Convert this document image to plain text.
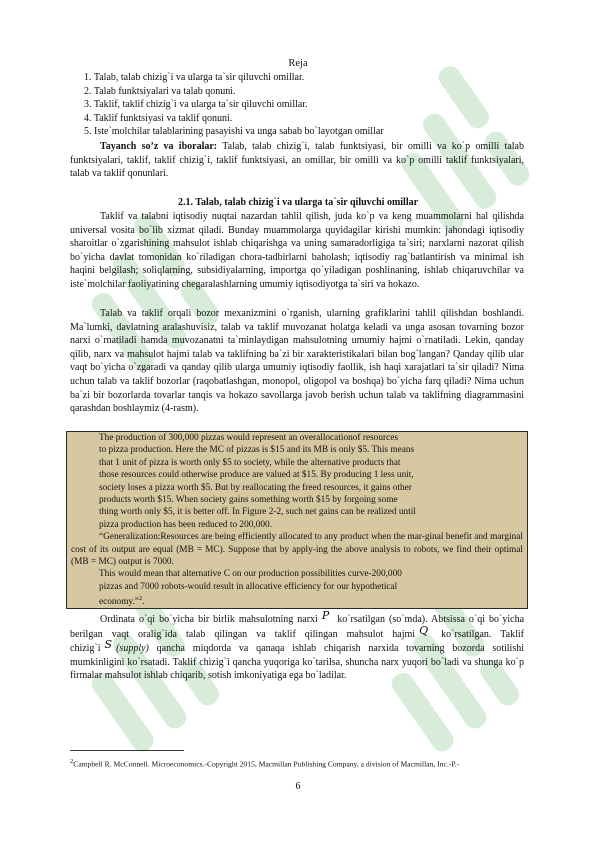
Reja
1. Talab, talab chizig`i va ularga ta`sir qiluvchi omillar.
2. Talab funktsiyalari va talab qonuni.
3. Taklif, taklif chizig`i va ularga ta`sir qiluvchi omillar.
4. Taklif funktsiyasi va taklif qonuni.
5. Iste`molchilar talablarining pasayishi va unga sabab bo`layotgan omillar

Tayanch so’z va iboralar: Talab, talab chizig`i, talab funktsiyasi, bir omilli va ko`p omilli talab funktsiyalari, taklif, taklif chizig`i, taklif funktsiyasi, an omillar, bir omilli va ko`p omilli taklif funktsiyalari, talab va taklif qonunlari.

2.1. Talab, talab chizig`i va ularga ta`sir qiluvchi omillar

Taklif va talabni iqtisodiy nuqtai nazardan tahlil qilish, juda ko`p va keng muammolarni hal qilishda universal vosita bo`lib xizmat qiladi. Bunday muammolarga quyidagilar kirishi mumkin: jahondagi iqtisodiy sharoitlar o`zgarishining mahsulot ishlab chiqarishga va uning samaradorligiga ta`siri; narxlarni nazorat qilish bo`yicha davlat tomonidan ko`riladigan chora-tadbirlarni baholash; iqtisodiy rag`batlantirish va minimal ish haqini belgilash; soliqlarning, subsidiyalarning, importga qo`yiladigan poshlinaning, ishlab chiqaruvchilar va iste`molchilar faoliyatining chegaralashlarning umumiy iqtisodiyotga ta`siri va hokazo.

Talab va taklif orqali bozor mexanizmini o`rganish, ularning grafiklarini tahlil qilishdan boshlandi. Ma`lumki, davlatning aralashuvisiz, talab va taklif muvozanat holatga keladi va unga asosan tovarning bozor narxi o`rnatiladi hamda muvozanatni ta`minlaydigan mahsulotning umumiy hajmi o`rnatiladi. Lekin, qanday qilib, narx va mahsulot hajmi talab va taklifning ba`zi bir xarakteristikalari bilan bog`langan? Qanday qilib ular vaqt bo`yicha o`zgaradi va qanday qilib ularga umumiy iqtisodiy faollik, ish haqi xarajatlari ta`sir qiladi? Nima uchun talab va taklif bozorlar (raqobatlashgan, monopol, oligopol va boshqa) bo`yicha farq qiladi? Nima uchun ba`zi bir bozorlarda tovarlar tanqis va hokazo savollarga javob berish uchun talab va taklifning diagrammasini qarashdan boshlaymiz (4-rasm).

The production of 300,000 pizzas would represent an overallocationof resources
to pizza production. Here the MC of pizzas is $15 and its MB is only $5. This means
that 1 unit of pizza is worth only $5 to society, while the alternative products that
those resources could otherwise produce are valued at $15. By producing 1 less unit,
society loses a pizza worth $5. But by reallocating the freed resources, it gains other
products worth $15. When society gains something worth $15 by forgoing some
thing worth only $5, it is better off. In Figure 2-2, such net gains can be realized until
pizza production has been reduced to 200,000.
“Generalization:Resources are being efficiently allocated to any product when the mar-ginal benefit and marginal cost of its output are equal (MB = MC). Suppose that by apply-ing the above analysis to robots, we find their optimal (MB = MC) output is 7000.
This would mean that alternative C on our production possibilities curve-200,000
pizzas and 7000 robots-would result in allocative efficiency for our hypothetical
economy.”$^2$.

Ordinata o`qi bo`yicha bir birlik mahsulotning narxi P ko`rsatilgan (so`mda). Abtsissa o`qi bo`yicha berilgan vaqt oralig`ida talab qilingan va taklif qilingan mahsulot hajmi Q ko`rsatilgan. Taklif chizig`i S (supply) qancha miqdorda va qanaqa ishlab chiqarish narxida tovarning bozorda sotilishi mumkinligini ko`rsatadi. Taklif chizig`i qancha yuqoriga ko`tarilsa, shuncha narx yuqori bo`ladi va shunga ko`p firmalar mahsulot ishlab chiqarib, sotish imkoniyatiga ega bo`ladilar.

$^2$Campbell R. McConnell. Microeconomics.-Copyright 2015, Macmillan Publishing Company, a division of Macmillan, Inc.-P.-

6
